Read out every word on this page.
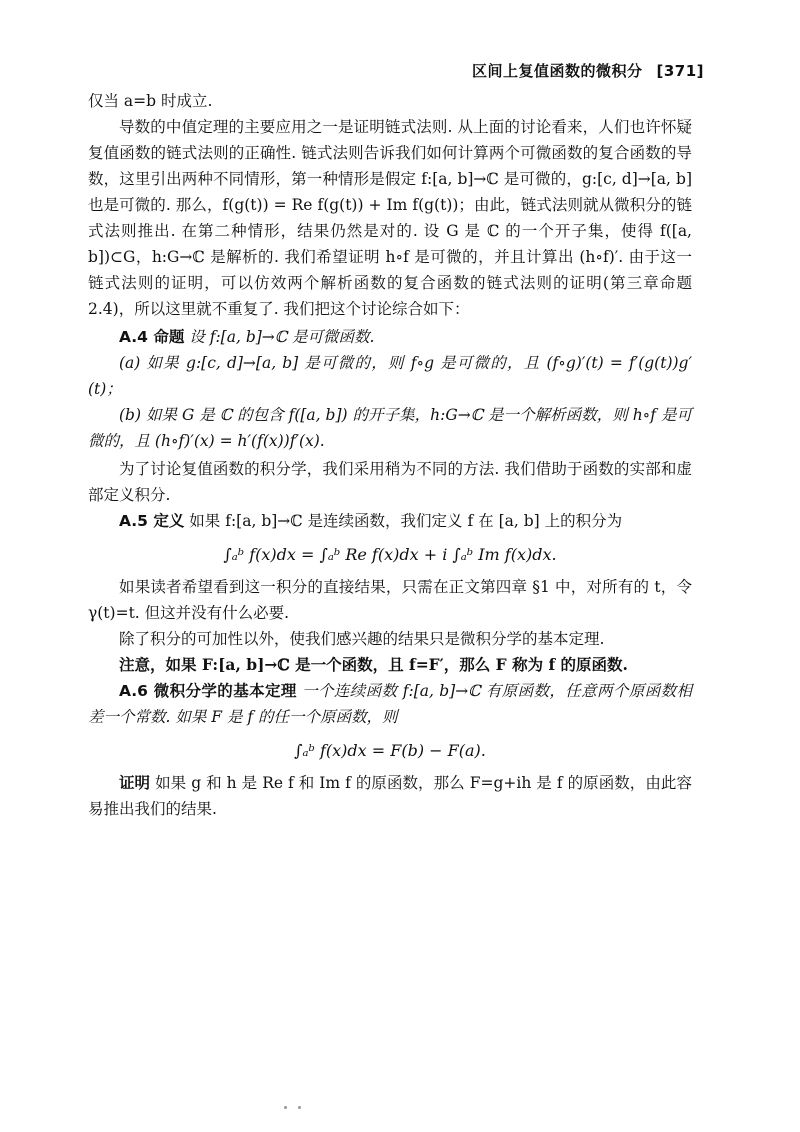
区间上复值函数的微积分 [371]

仅当 a=b 时成立.

导数的中值定理的主要应用之一是证明链式法则. 从上面的讨论看来，人们也许怀疑复值函数的链式法则的正确性. 链式法则告诉我们如何计算两个可微函数的复合函数的导数，这里引出两种不同情形，第一种情形是假定 f:[a, b]→ℂ 是可微的，g:[c, d]→[a, b] 也是可微的. 那么，f(g(t)) = Re f(g(t)) + Im f(g(t))；由此，链式法则就从微积分的链式法则推出. 在第二种情形，结果仍然是对的. 设 G 是 ℂ 的一个开子集，使得 f([a, b])⊂G，h:G→ℂ 是解析的. 我们希望证明 h∘f 是可微的，并且计算出 (h∘f)′. 由于这一链式法则的证明，可以仿效两个解析函数的复合函数的链式法则的证明(第三章命题 2.4)，所以这里就不重复了. 我们把这个讨论综合如下：

A.4 命题 设 f:[a, b]→ℂ 是可微函数.

(a) 如果 g:[c, d]→[a, b] 是可微的，则 f∘g 是可微的，且 (f∘g)′(t) = f′(g(t))g′(t)；

(b) 如果 G 是 ℂ 的包含 f([a, b]) 的开子集，h:G→ℂ 是一个解析函数，则 h∘f 是可微的，且 (h∘f)′(x) = h′(f(x))f′(x).

为了讨论复值函数的积分学，我们采用稍为不同的方法. 我们借助于函数的实部和虚部定义积分.

A.5 定义 如果 f:[a, b]→ℂ 是连续函数，我们定义 f 在 [a, b] 上的积分为

∫ₐᵇ f(x)dx = ∫ₐᵇ Re f(x)dx + i ∫ₐᵇ Im f(x)dx.

如果读者希望看到这一积分的直接结果，只需在正文第四章 §1 中，对所有的 t，令 γ(t)=t. 但这并没有什么必要.

除了积分的可加性以外，使我们感兴趣的结果只是微积分学的基本定理.

注意，如果 F:[a, b]→ℂ 是一个函数，且 f=F′，那么 F 称为 f 的原函数.

A.6 微积分学的基本定理 一个连续函数 f:[a, b]→ℂ 有原函数，任意两个原函数相差一个常数. 如果 F 是 f 的任一个原函数，则

∫ₐᵇ f(x)dx = F(b) − F(a).

证明 如果 g 和 h 是 Re f 和 Im f 的原函数，那么 F=g+ih 是 f 的原函数，由此容易推出我们的结果.
